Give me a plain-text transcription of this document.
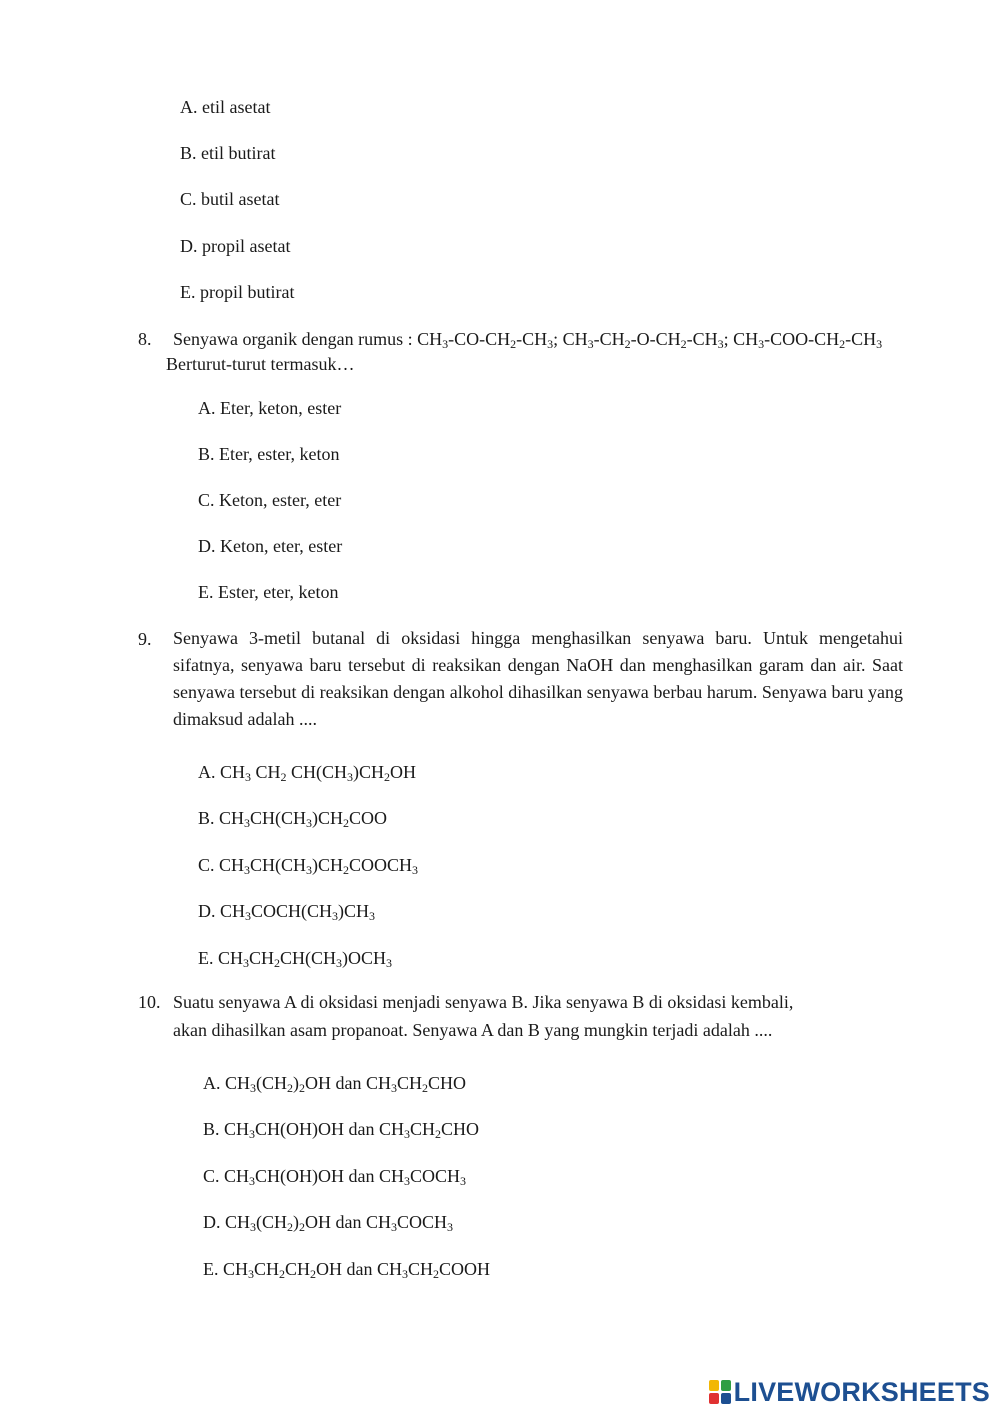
A. etil asetat
B. etil butirat
C. butil asetat
D. propil asetat
E. propil butirat
8. Senyawa organik dengan rumus : $CH_3-CO-CH_2-CH_3$; $CH_3-CH_2-O-CH_2-CH_3$; $CH_3-COO-CH_2-CH_3$
Berturut-turut termasuk…
A. Eter, keton, ester
B. Eter, ester, keton
C. Keton, ester, eter
D. Keton, eter, ester
E. Ester, eter, keton
9. Senyawa 3-metil butanal di oksidasi hingga menghasilkan senyawa baru. Untuk mengetahui sifatnya, senyawa baru tersebut di reaksikan dengan NaOH dan menghasilkan garam dan air. Saat senyawa tersebut di reaksikan dengan alkohol dihasilkan senyawa berbau harum. Senyawa baru yang dimaksud adalah ....
A. $CH_3$ $CH_2$ $CH(CH_3)CH_2OH$
B. $CH_3CH(CH_3)CH_2COO$
C. $CH_3CH(CH_3)CH_2COOCH_3$
D. $CH_3COCH(CH_3)CH_3$
E. $CH_3CH_2CH(CH_3)OCH_3$
10. Suatu senyawa A di oksidasi menjadi senyawa B. Jika senyawa B di oksidasi kembali,
akan dihasilkan asam propanoat. Senyawa A dan B yang mungkin terjadi adalah ....
A. $CH_3(CH_2)_2OH$ dan $CH_3CH_2CHO$
B. $CH_3CH(OH)OH$ dan $CH_3CH_2CHO$
C. $CH_3CH(OH)OH$ dan $CH_3COCH_3$
D. $CH_3(CH_2)_2OH$ dan $CH_3COCH_3$
E. $CH_3CH_2CH_2OH$ dan $CH_3CH_2COOH$
LIVEWORKSHEETS
